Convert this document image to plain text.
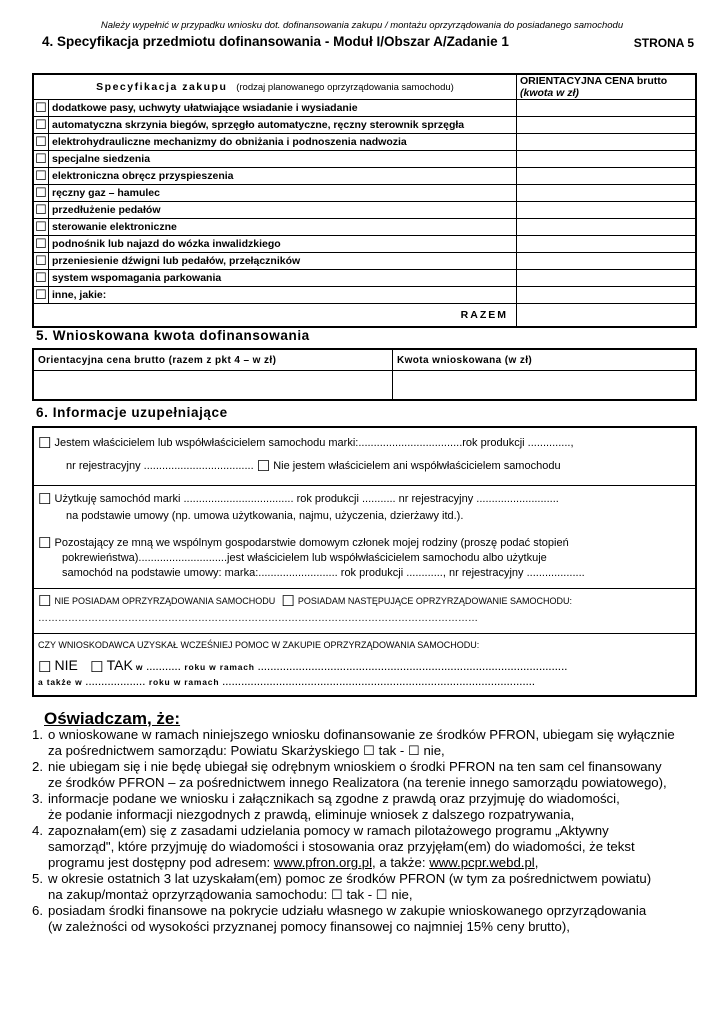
Należy wypełnić w przypadku wniosku dot. dofinansowania zakupu / montażu oprzyrządowania do posiadanego samochodu
4. Specyfikacja przedmiotu dofinansowania - Moduł I/Obszar A/Zadanie 1	STRONA 5
Specyfikacja zakupu (rodzaj planowanego oprzyrządowania samochodu)		ORIENTACYJNA CENA brutto (kwota w zł)
☐	dodatkowe pasy, uchwyty ułatwiające wsiadanie i wysiadanie	
☐	automatyczna skrzynia biegów, sprzęgło automatyczne, ręczny sterownik sprzęgła	
☐	elektrohydrauliczne mechanizmy do obniżania i podnoszenia nadwozia	
☐	specjalne siedzenia	
☐	elektroniczna obręcz przyspieszenia	
☐	ręczny gaz – hamulec	
☐	przedłużenie pedałów	
☐	sterowanie elektroniczne	
☐	podnośnik lub najazd do wózka inwalidzkiego	
☐	przeniesienie dźwigni lub pedałów, przełączników	
☐	system wspomagania parkowania	
☐	inne, jakie:	
RAZEM		
5. Wnioskowana kwota dofinansowania
Orientacyjna cena brutto (razem z pkt 4 – w zł)	Kwota wnioskowana (w zł)

6. Informacje uzupełniające
☐ Jestem właścicielem lub współwłaścicielem samochodu marki:..................................rok produkcji ..............,
nr rejestracyjny .................................... ☐ Nie jestem właścicielem ani współwłaścicielem samochodu
☐ Użytkuję samochód marki .................................... rok produkcji ........... nr rejestracyjny ...........................
na podstawie umowy (np. umowa użytkowania, najmu, użyczenia, dzierżawy itd.).
☐ Pozostający ze mną we wspólnym gospodarstwie domowym członek mojej rodziny (proszę podać stopień
pokrewieństwa).............................jest właścicielem lub współwłaścicielem samochodu albo użytkuje
samochód na podstawie umowy: marka:.......................... rok produkcji ............, nr rejestracyjny ...................
☐ NIE POSIADAM OPRZYRZĄDOWANIA SAMOCHODU ☐ POSIADAM NASTĘPUJĄCE OPRZYRZĄDOWANIE SAMOCHODU:
……………………………………………………………………………………………………………………
CZY WNIOSKODAWCA UZYSKAŁ WCZEŚNIEJ POMOC W ZAKUPIE OPRZYRZĄDOWANIA SAMOCHODU:
☐ NIE ☐ TAK w ........... roku w ramach ..................................................................................................
a także w ................... roku w ramach ...................................................................................................
Oświadczam, że:
1. o wnioskowane w ramach niniejszego wniosku dofinansowanie ze środków PFRON, ubiegam się wyłącznie
za pośrednictwem samorządu: Powiatu Skarżyskiego ☐ tak - ☐ nie,
2. nie ubiegam się i nie będę ubiegał się odrębnym wnioskiem o środki PFRON na ten sam cel finansowany
ze środków PFRON – za pośrednictwem innego Realizatora (na terenie innego samorządu powiatowego),
3. informacje podane we wniosku i załącznikach są zgodne z prawdą oraz przyjmuję do wiadomości,
że podanie informacji niezgodnych z prawdą, eliminuje wniosek z dalszego rozpatrywania,
4. zapoznałam(em) się z zasadami udzielania pomocy w ramach pilotażowego programu „Aktywny
samorząd", które przyjmuję do wiadomości i stosowania oraz przyjęłam(em) do wiadomości, że tekst
programu jest dostępny pod adresem: www.pfron.org.pl, a także: www.pcpr.webd.pl,
5. w okresie ostatnich 3 lat uzyskałam(em) pomoc ze środków PFRON (w tym za pośrednictwem powiatu)
na zakup/montaż oprzyrządowania samochodu: ☐ tak - ☐ nie,
6. posiadam środki finansowe na pokrycie udziału własnego w zakupie wnioskowanego oprzyrządowania
(w zależności od wysokości przyznanej pomocy finansowej co najmniej 15% ceny brutto),
